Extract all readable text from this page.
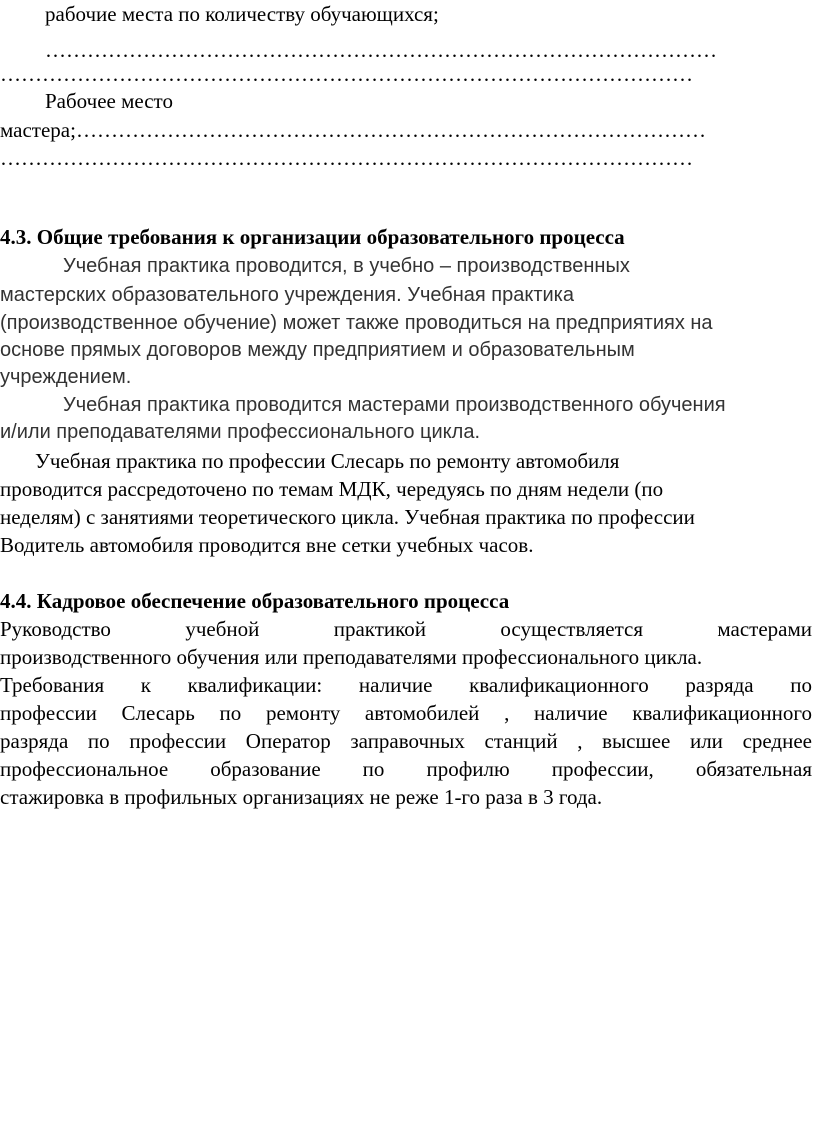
рабочие места по количеству обучающихся;
……………………………………………………………………………………
………………………………………………………………………………………
Рабочее место
мастера;………………………………………………………………………………
………………………………………………………………………………………
4.3. Общие требования к организации образовательного процесса
Учебная практика проводится, в учебно – производственных
мастерских образовательного учреждения. Учебная практика
(производственное обучение) может также проводиться на предприятиях на
основе прямых договоров между предприятием и образовательным
учреждением.
Учебная практика проводится мастерами производственного обучения
и/или преподавателями профессионального цикла.
Учебная практика по профессии Слесарь по ремонту автомобиля
проводится рассредоточено по темам МДК, чередуясь по дням недели (по
неделям) с занятиями теоретического цикла. Учебная практика по профессии
Водитель автомобиля проводится вне сетки учебных часов.
4.4. Кадровое обеспечение образовательного процесса
Руководство учебной практикой осуществляется мастерами
производственного обучения или преподавателями профессионального цикла.
Требования к квалификации: наличие квалификационного разряда по
профессии Слесарь по ремонту автомобилей , наличие квалификационного
разряда по профессии Оператор заправочных станций , высшее или среднее
профессиональное образование по профилю профессии, обязательная
стажировка в профильных организациях не реже 1-го раза в 3 года.
